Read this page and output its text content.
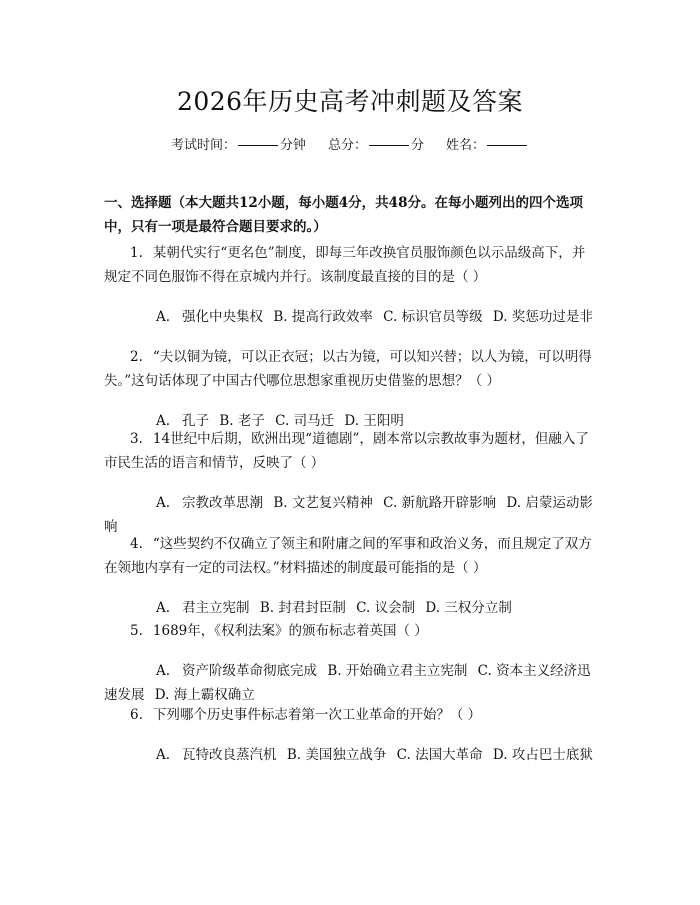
2026年历史高考冲刺题及答案
考试时间：	分钟 总分：	分 姓名：
一、选择题（本大题共12小题，每小题4分，共48分。在每小题列出的四个选项中，只有一项是最符合题目要求的。）
1. 某朝代实行“更名色”制度，即每三年改换官员服饰颜色以示品级高下，并规定不同色服饰不得在京城内并行。该制度最直接的目的是（ ）
A. 强化中央集权 B. 提高行政效率 C. 标识官员等级 D. 奖惩功过是非
2. “夫以铜为镜，可以正衣冠；以古为镜，可以知兴替；以人为镜，可以明得失。”这句话体现了中国古代哪位思想家重视历史借鉴的思想？（ ）
A. 孔子 B. 老子 C. 司马迁 D. 王阳明
3. 14世纪中后期，欧洲出现“道德剧”，剧本常以宗教故事为题材，但融入了市民生活的语言和情节，反映了（ ）
A. 宗教改革思潮 B. 文艺复兴精神 C. 新航路开辟影响 D. 启蒙运动影响
4. “这些契约不仅确立了领主和附庸之间的军事和政治义务，而且规定了双方在领地内享有一定的司法权。”材料描述的制度最可能指的是（ ）
A. 君主立宪制 B. 封君封臣制 C. 议会制 D. 三权分立制
5. 1689年，《权利法案》的颁布标志着英国（ ）
A. 资产阶级革命彻底完成 B. 开始确立君主立宪制 C. 资本主义经济迅速发展 D. 海上霸权确立
6. 下列哪个历史事件标志着第一次工业革命的开始？（ ）
A. 瓦特改良蒸汽机 B. 美国独立战争 C. 法国大革命 D. 攻占巴士底狱
